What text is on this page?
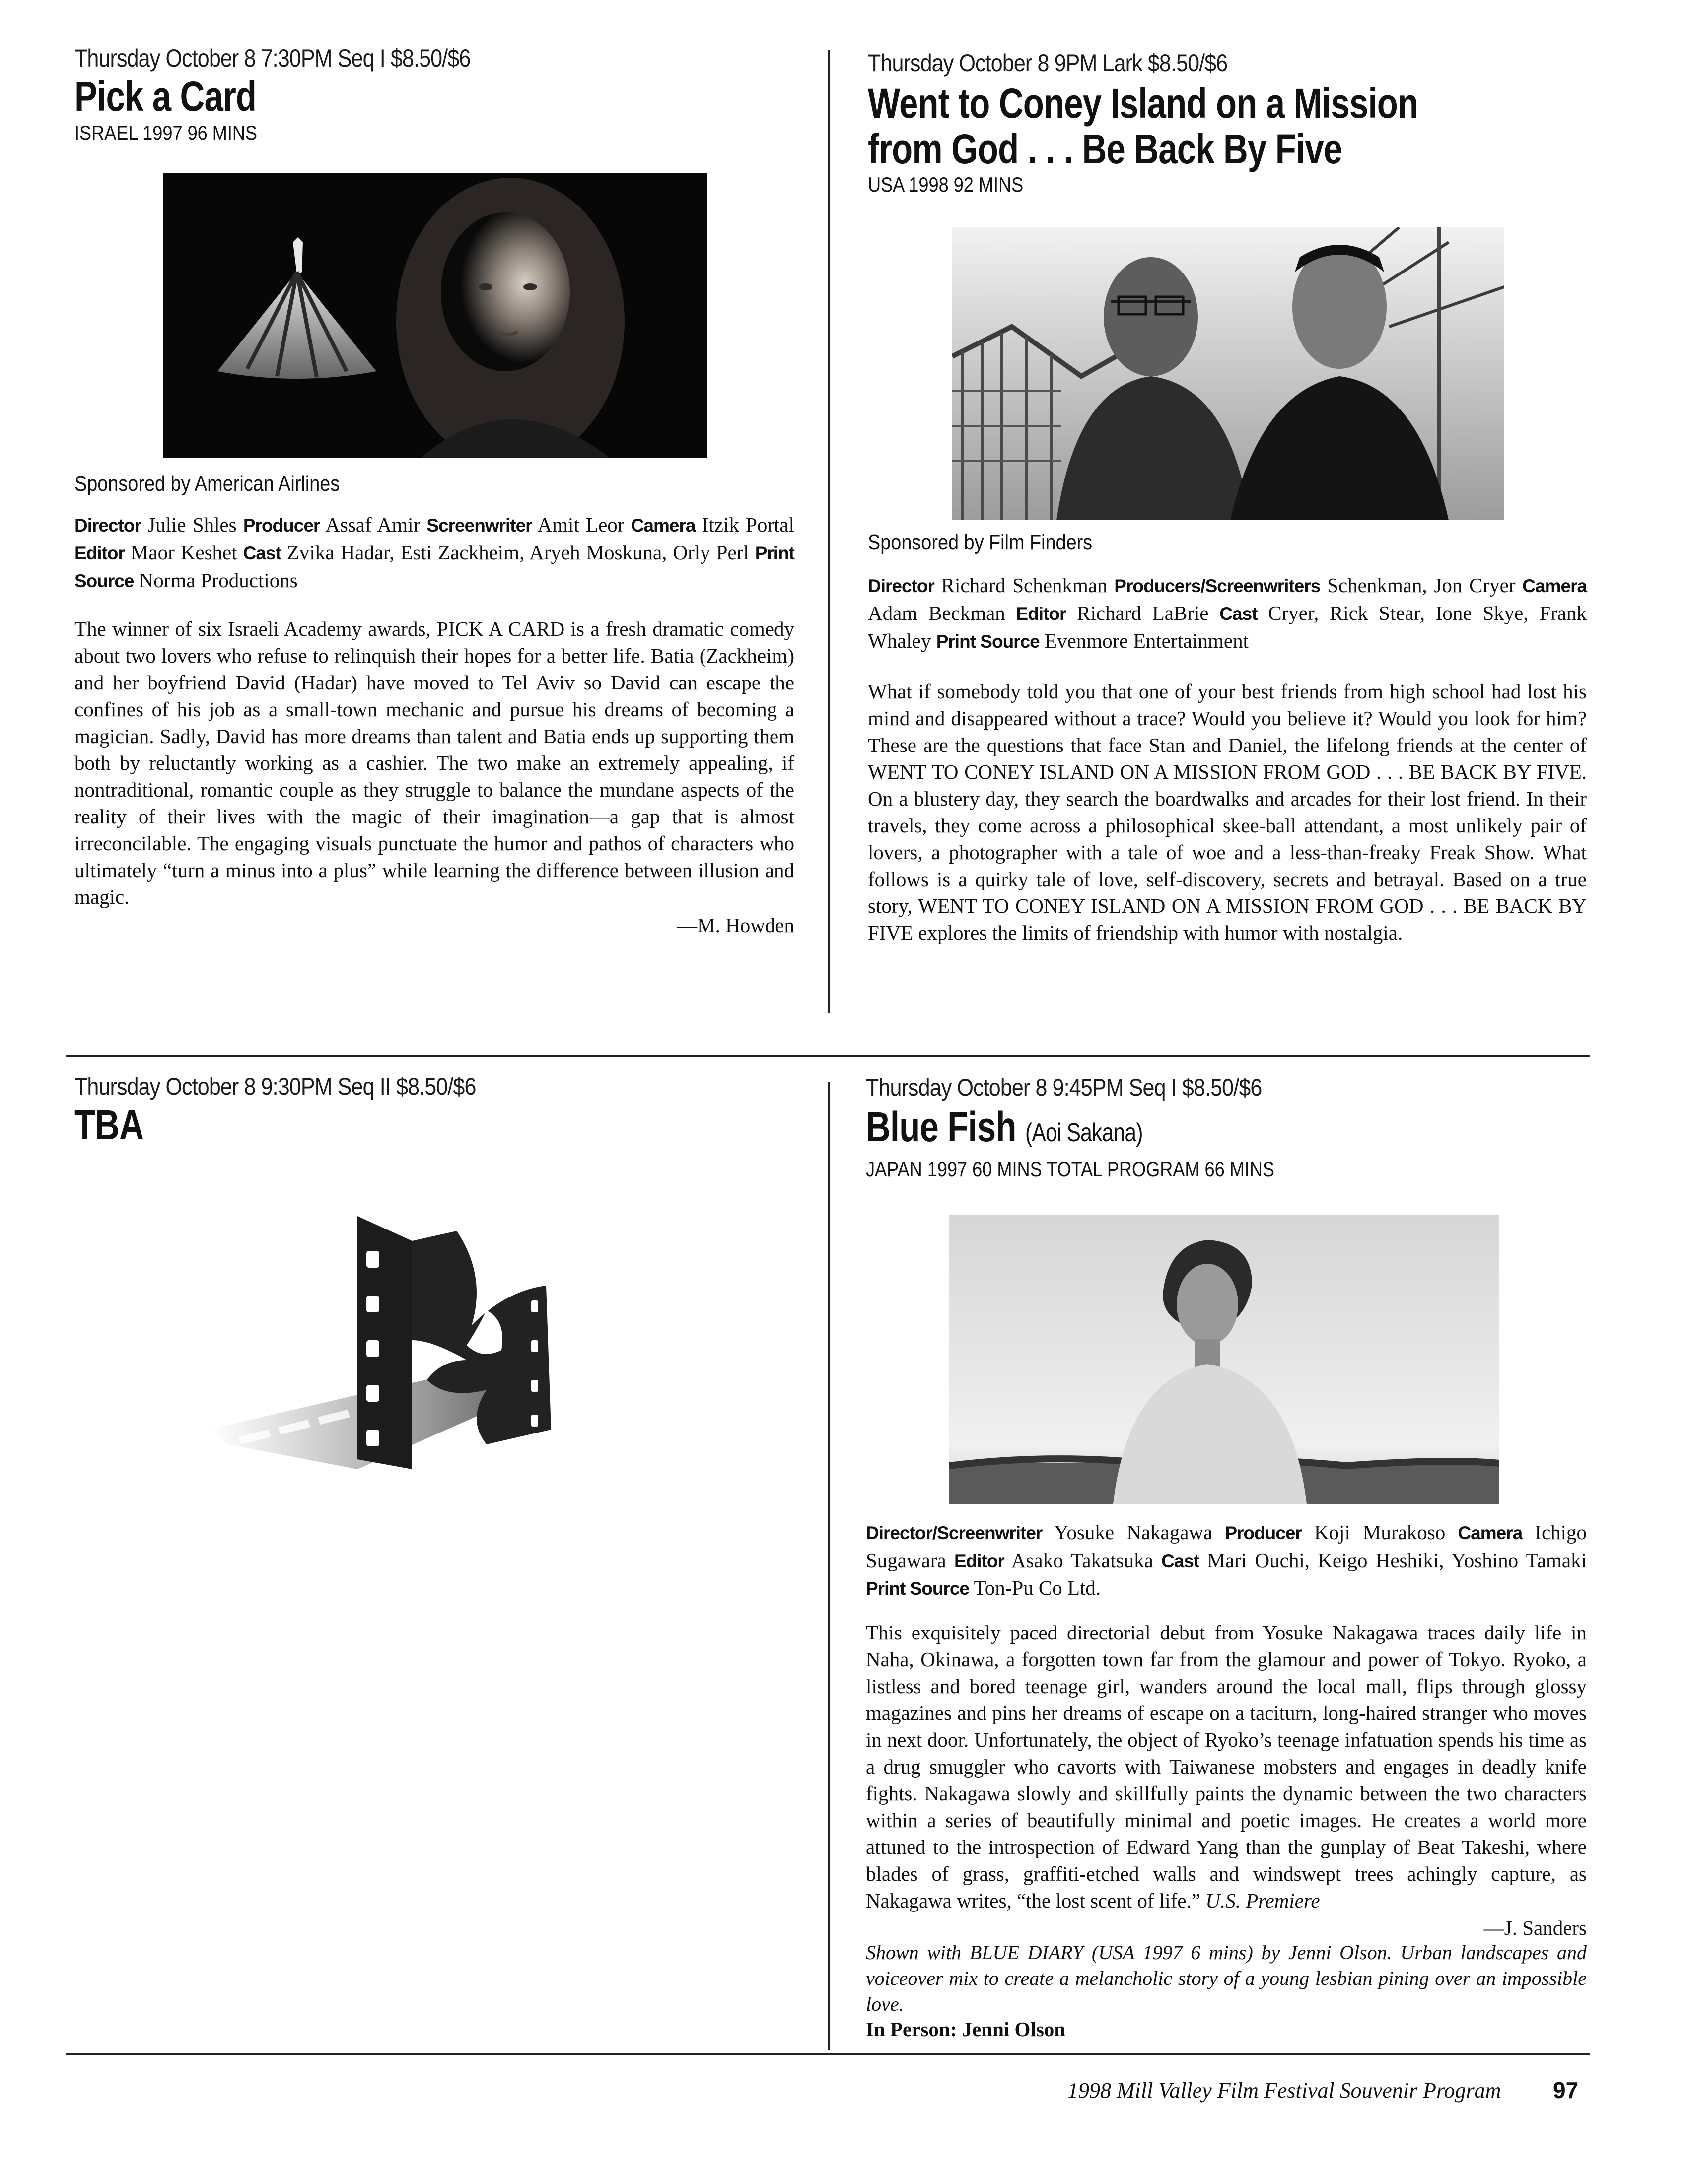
Thursday October 8 7:30PM Seq I $8.50/$6
Pick a Card
ISRAEL 1997 96 MINS
Sponsored by American Airlines
Director Julie Shles Producer Assaf Amir Screenwriter Amit Leor Camera Itzik Portal Editor Maor Keshet Cast Zvika Hadar, Esti Zackheim, Aryeh Moskuna, Orly Perl Print Source Norma Productions
The winner of six Israeli Academy awards, PICK A CARD is a fresh dramatic comedy about two lovers who refuse to relinquish their hopes for a better life. Batia (Zackheim) and her boyfriend David (Hadar) have moved to Tel Aviv so David can escape the confines of his job as a small-town mechanic and pursue his dreams of becoming a magician. Sadly, David has more dreams than talent and Batia ends up supporting them both by reluctantly working as a cashier. The two make an extremely appealing, if nontraditional, romantic couple as they struggle to balance the mundane aspects of the reality of their lives with the magic of their imagination—a gap that is almost irreconcilable. The engaging visuals punctuate the humor and pathos of characters who ultimately “turn a minus into a plus” while learning the difference between illusion and magic.
—M. Howden
Thursday October 8 9PM Lark $8.50/$6
Went to Coney Island on a Mission
from God . . . Be Back By Five
USA 1998 92 MINS
Sponsored by Film Finders
Director Richard Schenkman Producers/Screenwriters Schenkman, Jon Cryer Camera Adam Beckman Editor Richard LaBrie Cast Cryer, Rick Stear, Ione Skye, Frank Whaley Print Source Evenmore Entertainment
What if somebody told you that one of your best friends from high school had lost his mind and disappeared without a trace? Would you believe it? Would you look for him? These are the questions that face Stan and Daniel, the lifelong friends at the center of WENT TO CONEY ISLAND ON A MISSION FROM GOD . . . BE BACK BY FIVE. On a blustery day, they search the boardwalks and arcades for their lost friend. In their travels, they come across a philosophical skee-ball attendant, a most unlikely pair of lovers, a photographer with a tale of woe and a less-than-freaky Freak Show. What follows is a quirky tale of love, self-discovery, secrets and betrayal. Based on a true story, WENT TO CONEY ISLAND ON A MISSION FROM GOD . . . BE BACK BY FIVE explores the limits of friendship with humor with nostalgia.
Thursday October 8 9:30PM Seq II $8.50/$6
TBA
Thursday October 8 9:45PM Seq I $8.50/$6
Blue Fish (Aoi Sakana)
JAPAN 1997 60 MINS TOTAL PROGRAM 66 MINS
Director/Screenwriter Yosuke Nakagawa Producer Koji Murakoso Camera Ichigo Sugawara Editor Asako Takatsuka Cast Mari Ouchi, Keigo Heshiki, Yoshino Tamaki Print Source Ton-Pu Co Ltd.
This exquisitely paced directorial debut from Yosuke Nakagawa traces daily life in Naha, Okinawa, a forgotten town far from the glamour and power of Tokyo. Ryoko, a listless and bored teenage girl, wanders around the local mall, flips through glossy magazines and pins her dreams of escape on a taciturn, long-haired stranger who moves in next door. Unfortunately, the object of Ryoko’s teenage infatuation spends his time as a drug smuggler who cavorts with Taiwanese mobsters and engages in deadly knife fights. Nakagawa slowly and skillfully paints the dynamic between the two characters within a series of beautifully minimal and poetic images. He creates a world more attuned to the introspection of Edward Yang than the gunplay of Beat Takeshi, where blades of grass, graffiti-etched walls and windswept trees achingly capture, as Nakagawa writes, “the lost scent of life.” U.S. Premiere
—J. Sanders
Shown with BLUE DIARY (USA 1997 6 mins) by Jenni Olson. Urban landscapes and voiceover mix to create a melancholic story of a young lesbian pining over an impossible love.
In Person: Jenni Olson
1998 Mill Valley Film Festival Souvenir Program 97
